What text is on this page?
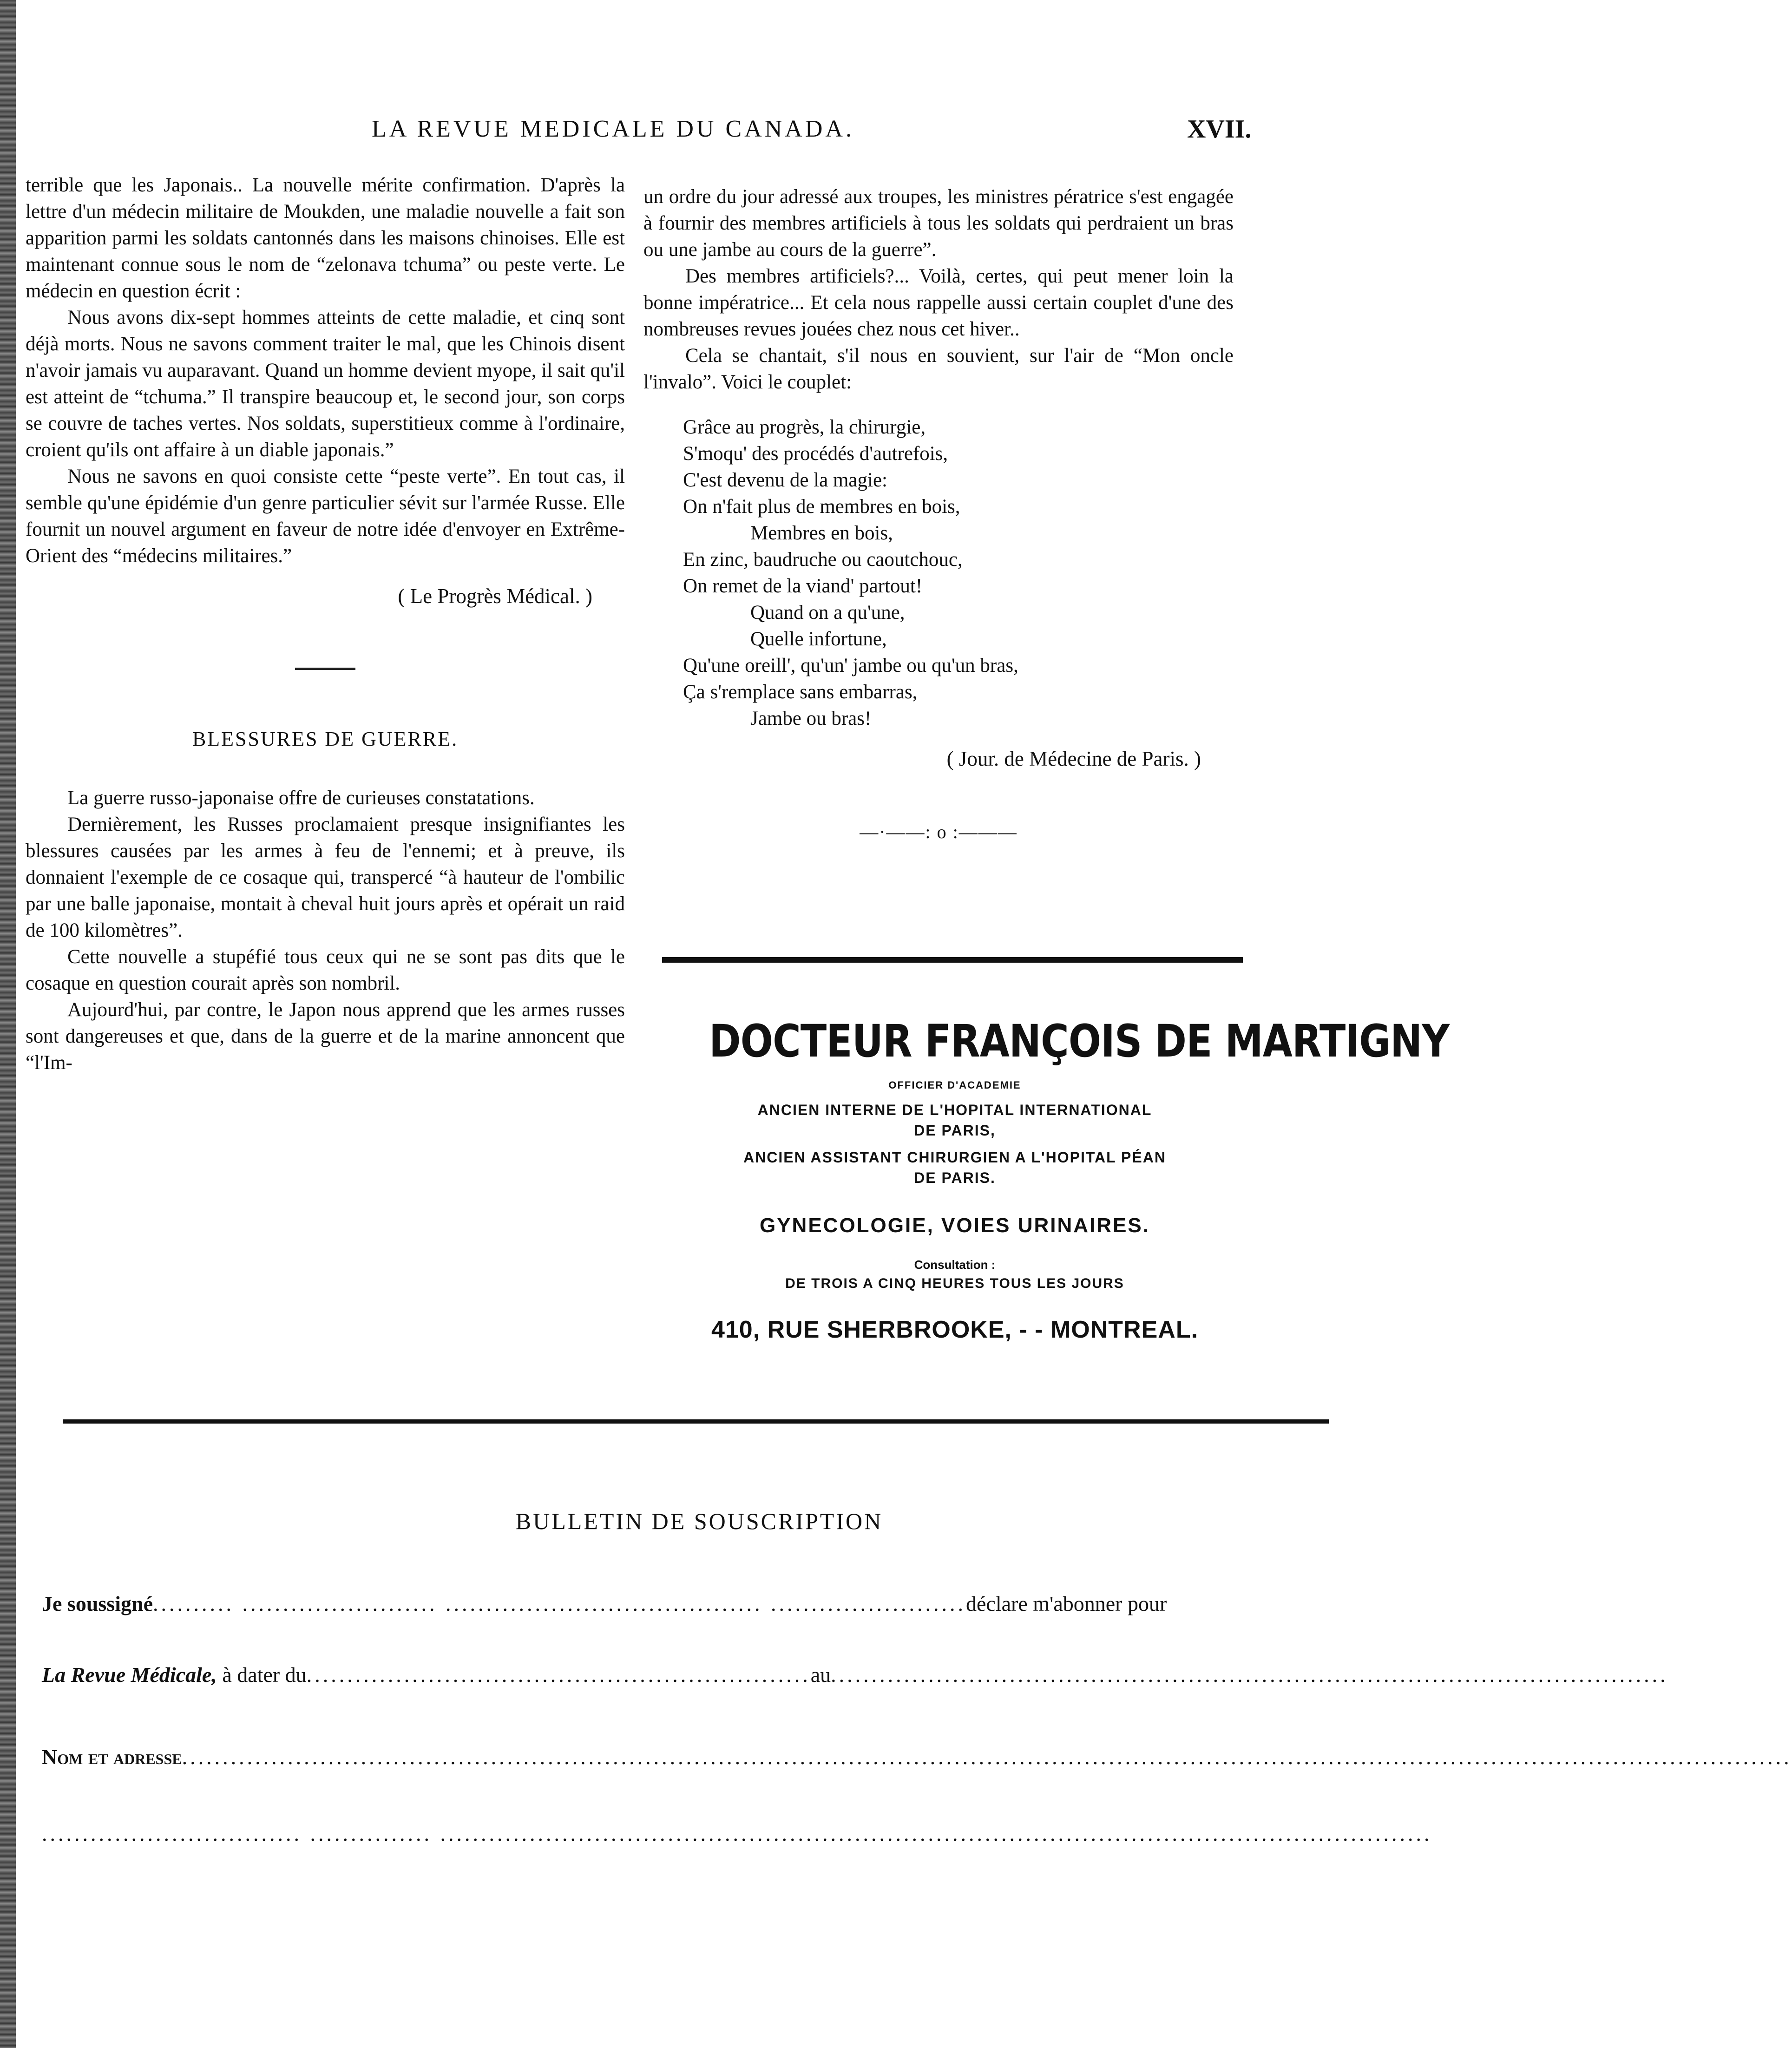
LA REVUE MEDICALE DU CANADA.	XVII.

terrible que les Japonais.. La nouvelle mérite confirmation. D'après la lettre d'un médecin militaire de Moukden, une maladie nouvelle a fait son apparition parmi les soldats cantonnés dans les maisons chinoises. Elle est maintenant connue sous le nom de “zelonava tchuma” ou peste verte. Le médecin en question écrit :

Nous avons dix-sept hommes atteints de cette maladie, et cinq sont déjà morts. Nous ne savons comment traiter le mal, que les Chinois disent n'avoir jamais vu auparavant. Quand un homme devient myope, il sait qu'il est atteint de “tchuma.” Il transpire beaucoup et, le second jour, son corps se couvre de taches vertes. Nos soldats, superstitieux comme à l'ordinaire, croient qu'ils ont affaire à un diable japonais.”

Nous ne savons en quoi consiste cette “peste verte”. En tout cas, il semble qu'une épidémie d'un genre particulier sévit sur l'armée Russe. Elle fournit un nouvel argument en faveur de notre idée d'envoyer en Extrême-Orient des “médecins militaires.”

( Le Progrès Médical. )

BLESSURES DE GUERRE.

La guerre russo-japonaise offre de curieuses constatations.

Dernièrement, les Russes proclamaient presque insignifiantes les blessures causées par les armes à feu de l'ennemi; et à preuve, ils donnaient l'exemple de ce cosaque qui, transpercé “à hauteur de l'ombilic par une balle japonaise, montait à cheval huit jours après et opérait un raid de 100 kilomètres”.

Cette nouvelle a stupéfié tous ceux qui ne se sont pas dits que le cosaque en question courait après son nombril.

Aujourd'hui, par contre, le Japon nous apprend que les armes russes sont dangereuses et que, dans de la guerre et de la marine annoncent que “l'Im-

un ordre du jour adressé aux troupes, les ministres pératrice s'est engagée à fournir des membres artificiels à tous les soldats qui perdraient un bras ou une jambe au cours de la guerre”.

Des membres artificiels?... Voilà, certes, qui peut mener loin la bonne impératrice... Et cela nous rappelle aussi certain couplet d'une des nombreuses revues jouées chez nous cet hiver..

Cela se chantait, s'il nous en souvient, sur l'air de “Mon oncle l'invalo”. Voici le couplet:

Grâce au progrès, la chirurgie,
S'moqu' des procédés d'autrefois,
C'est devenu de la magie:
On n'fait plus de membres en bois,
Membres en bois,
En zinc, baudruche ou caoutchouc,
On remet de la viand' partout!
Quand on a qu'une,
Quelle infortune,
Qu'une oreill', qu'un' jambe ou qu'un bras,
Ça s'remplace sans embarras,
Jambe ou bras!

( Jour. de Médecine de Paris. )

—·——: o :———

DOCTEUR FRANÇOIS DE MARTIGNY
OFFICIER D'ACADEMIE
ANCIEN INTERNE DE L'HOPITAL INTERNATIONAL
DE PARIS,
ANCIEN ASSISTANT CHIRURGIEN A L'HOPITAL PÉAN
DE PARIS.
GYNECOLOGIE, VOIES URINAIRES.
Consultation :
DE TROIS A CINQ HEURES TOUS LES JOURS
410, RUE SHERBROOKE, - - MONTREAL.
BULLETIN DE SOUSCRIPTION
Je soussigné.......... ........................ ....................................... ........................déclare m'abonner pour
La Revue Médicale, à dater du..............................................................au.......................................................................................................
Nom et adresse......................................................................................................................................................................................................
................................ ............... ..........................................................................................................................
